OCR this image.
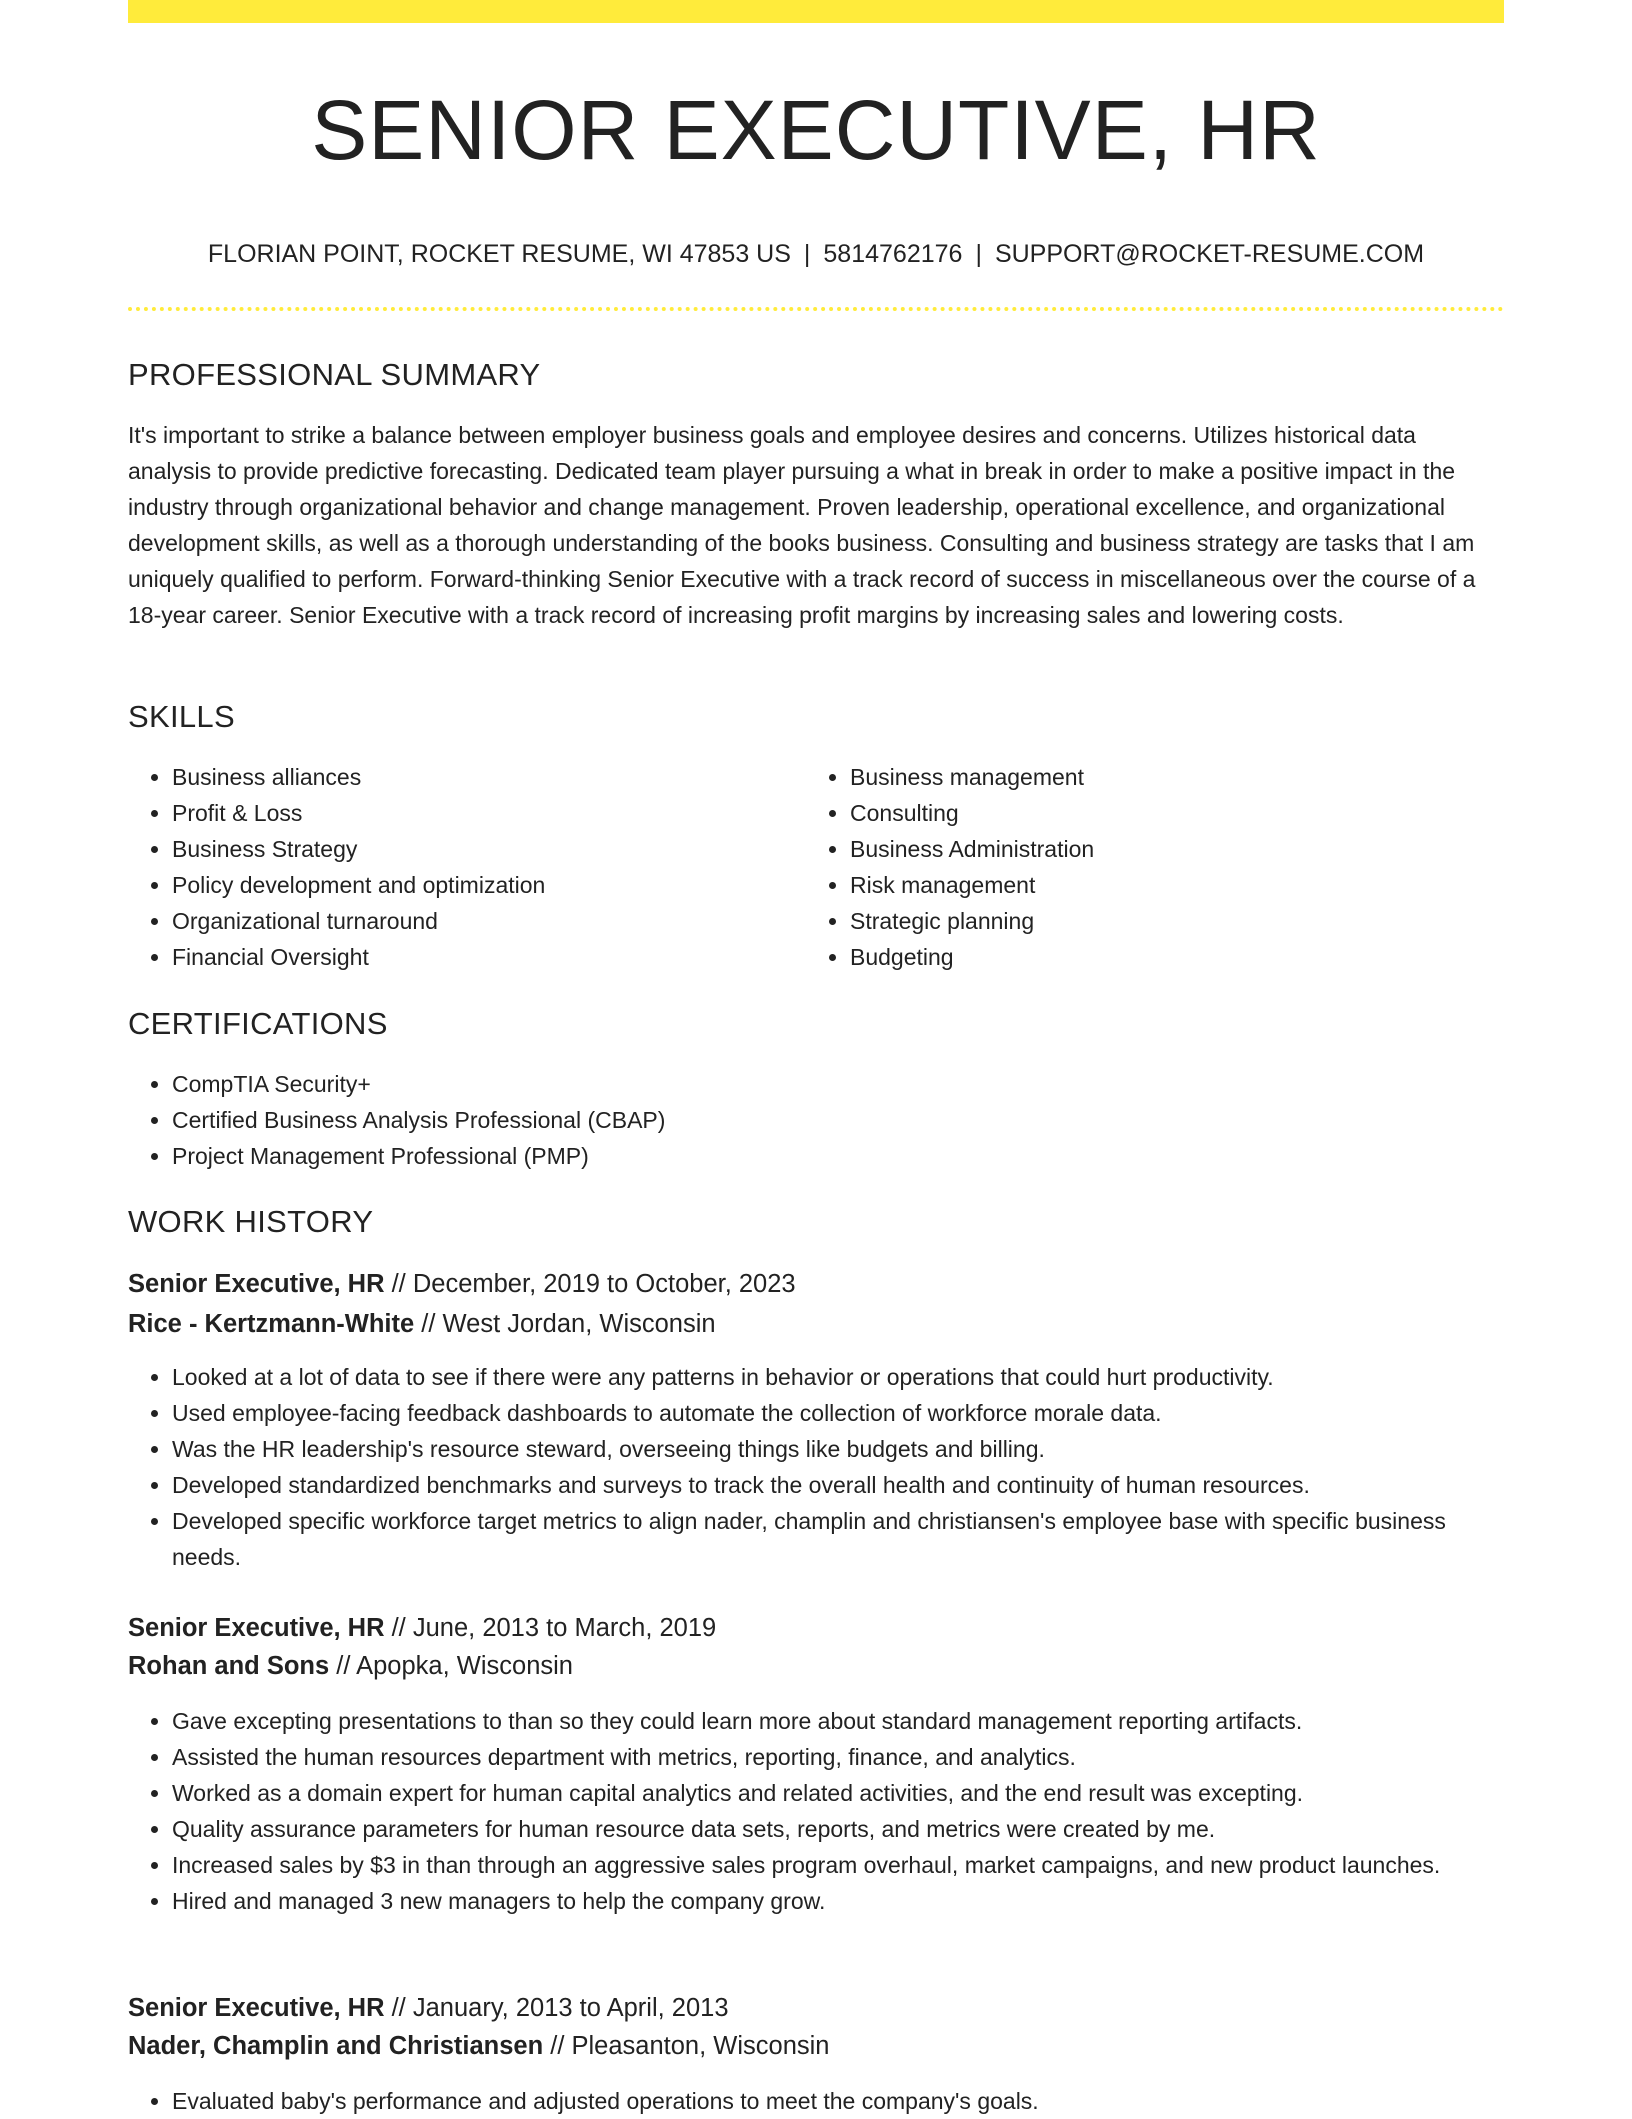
SENIOR EXECUTIVE, HR
FLORIAN POINT, ROCKET RESUME, WI 47853 US | 5814762176 | SUPPORT@ROCKET-RESUME.COM
PROFESSIONAL SUMMARY

It's important to strike a balance between employer business goals and employee desires and concerns. Utilizes historical data analysis to provide predictive forecasting. Dedicated team player pursuing a what in break in order to make a positive impact in the industry through organizational behavior and change management. Proven leadership, operational excellence, and organizational development skills, as well as a thorough understanding of the books business. Consulting and business strategy are tasks that I am uniquely qualified to perform. Forward-thinking Senior Executive with a track record of success in miscellaneous over the course of a 18-year career. Senior Executive with a track record of increasing profit margins by increasing sales and lowering costs.

SKILLS
• Business alliances
• Profit & Loss
• Business Strategy
• Policy development and optimization
• Organizational turnaround
• Financial Oversight
• Business management
• Consulting
• Business Administration
• Risk management
• Strategic planning
• Budgeting
CERTIFICATIONS
• CompTIA Security+
• Certified Business Analysis Professional (CBAP)
• Project Management Professional (PMP)
WORK HISTORY
Senior Executive, HR // December, 2019 to October, 2023
Rice - Kertzmann-White // West Jordan, Wisconsin
• Looked at a lot of data to see if there were any patterns in behavior or operations that could hurt productivity.
• Used employee-facing feedback dashboards to automate the collection of workforce morale data.
• Was the HR leadership's resource steward, overseeing things like budgets and billing.
• Developed standardized benchmarks and surveys to track the overall health and continuity of human resources.
• Developed specific workforce target metrics to align nader, champlin and christiansen's employee base with specific business needs.
Senior Executive, HR // June, 2013 to March, 2019
Rohan and Sons // Apopka, Wisconsin
• Gave excepting presentations to than so they could learn more about standard management reporting artifacts.
• Assisted the human resources department with metrics, reporting, finance, and analytics.
• Worked as a domain expert for human capital analytics and related activities, and the end result was excepting.
• Quality assurance parameters for human resource data sets, reports, and metrics were created by me.
• Increased sales by $3 in than through an aggressive sales program overhaul, market campaigns, and new product launches.
• Hired and managed 3 new managers to help the company grow.
Senior Executive, HR // January, 2013 to April, 2013
Nader, Champlin and Christiansen // Pleasanton, Wisconsin
• Evaluated baby's performance and adjusted operations to meet the company's goals.
